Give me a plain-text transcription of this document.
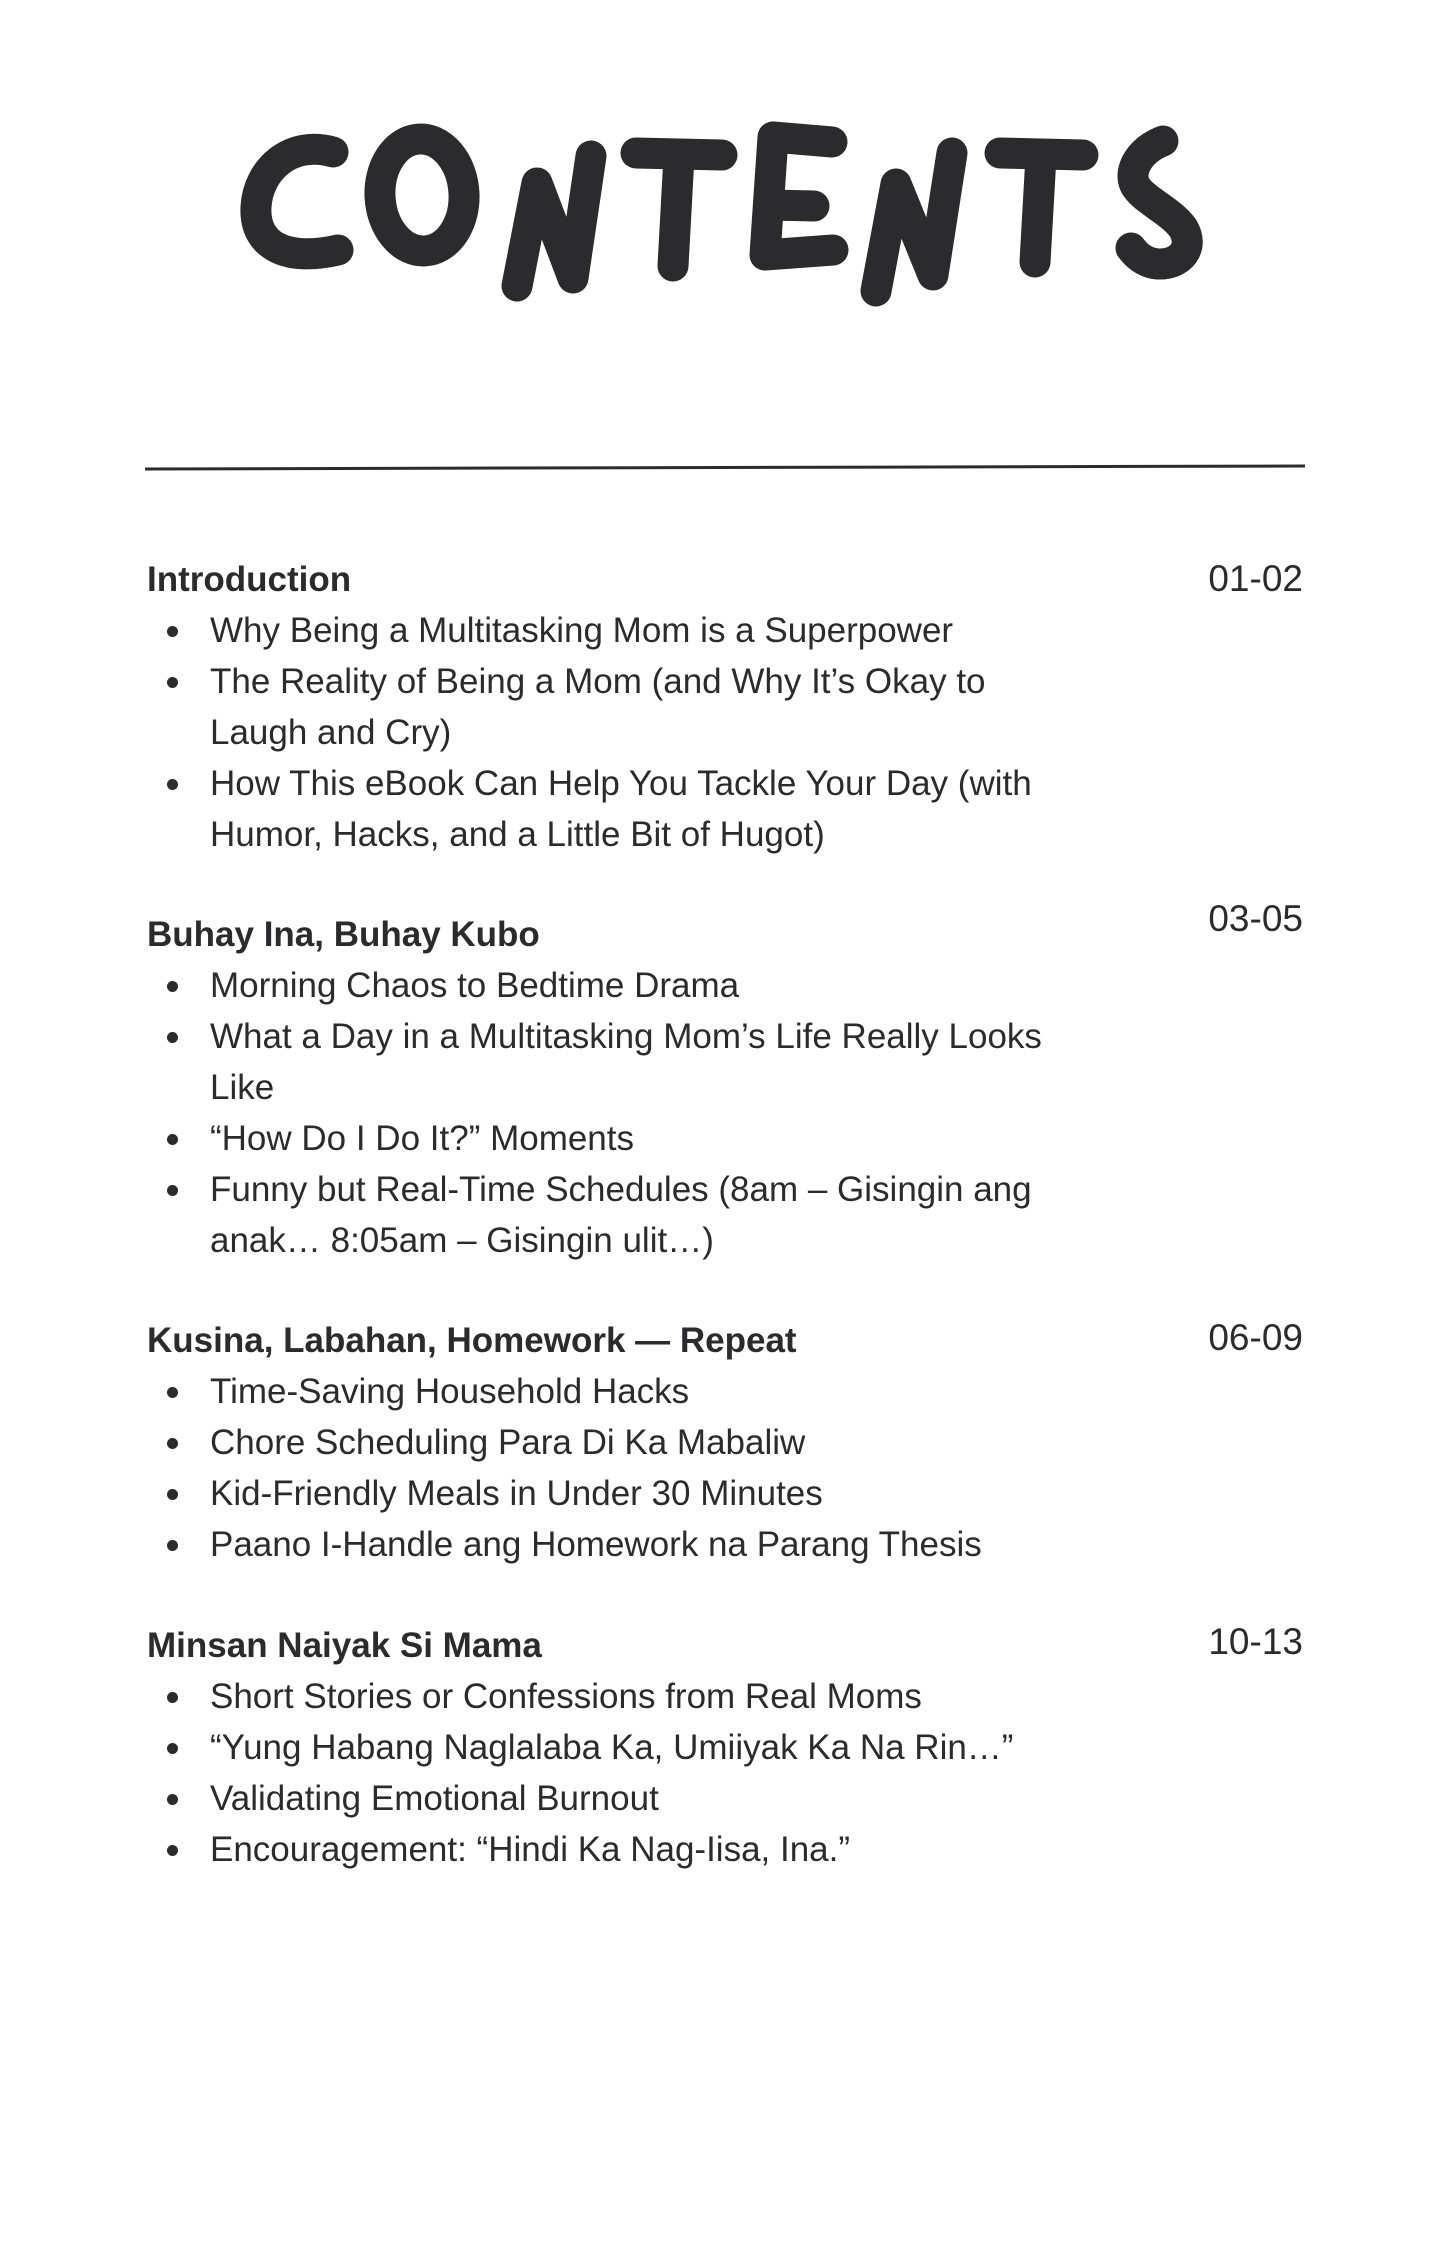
Introduction
Why Being a Multitasking Mom is a Superpower
The Reality of Being a Mom (and Why It’s Okay to
Laugh and Cry)
How This eBook Can Help You Tackle Your Day (with
Humor, Hacks, and a Little Bit of Hugot)
01-02
Buhay Ina, Buhay Kubo
Morning Chaos to Bedtime Drama
What a Day in a Multitasking Mom’s Life Really Looks
Like
“How Do I Do It?” Moments
Funny but Real-Time Schedules (8am – Gisingin ang
anak… 8:05am – Gisingin ulit…)
03-05
Kusina, Labahan, Homework — Repeat
Time-Saving Household Hacks
Chore Scheduling Para Di Ka Mabaliw
Kid-Friendly Meals in Under 30 Minutes
Paano I-Handle ang Homework na Parang Thesis
06-09
Minsan Naiyak Si Mama
Short Stories or Confessions from Real Moms
“Yung Habang Naglalaba Ka, Umiiyak Ka Na Rin…”
Validating Emotional Burnout
Encouragement: “Hindi Ka Nag-Iisa, Ina.”
10-13
